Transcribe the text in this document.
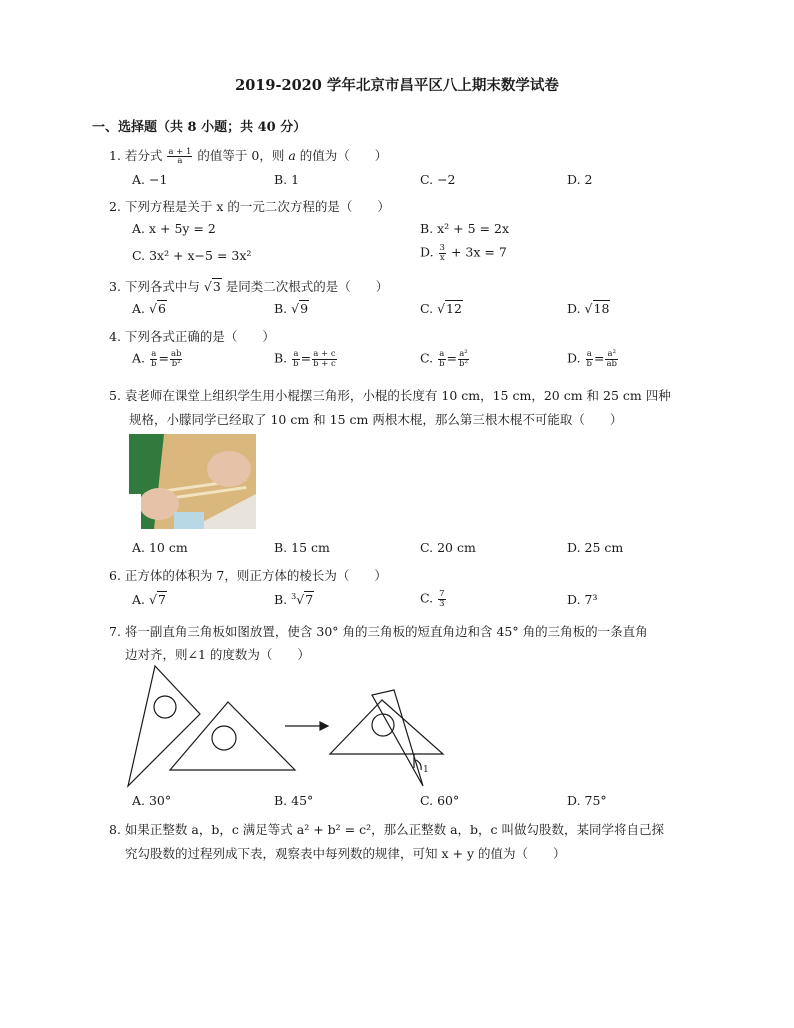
2019-2020 学年北京市昌平区八上期末数学试卷
一、选择题（共 8 小题；共 40 分）
1. 若分式 $\frac{a + 1}{a}$ 的值等于 0，则 a 的值为（　　）
A. −1	B. 1	C. −2	D. 2
2. 下列方程是关于 x 的一元二次方程的是（　　）
A. x + 5y = 2	B. x² + 5 = 2x
C. 3x² + x−5 = 3x²	D. $\frac{3}{x} + 3x = 7$
3. 下列各式中与 √3 是同类二次根式的是（　　）
A. √6	B. √9	C. √12	D. √18
4. 下列各式正确的是（　　）
A. $\frac{a}{b} = \frac{ab}{\text{b²}}$	B. $\frac{a}{b} = \frac{a + c}{b + c}$	C. $\frac{a}{b} = \frac{\text{a²}}{\text{b²}}$	D. $\frac{a}{b} = \frac{\text{a²}}{ab}$
5. 袁老师在课堂上组织学生用小棍摆三角形，小棍的长度有 10 cm，15 cm，20 cm 和 25 cm 四种
规格，小朦同学已经取了 10 cm 和 15 cm 两根木棍，那么第三根木棍不可能取（　　）
A. 10 cm	B. 15 cm	C. 20 cm	D. 25 cm
6. 正方体的体积为 7，则正方体的棱长为（　　）
A. √7	B. $^3$√7	C. $\frac{7}{3}$	D. 7³
7. 将一副直角三角板如图放置，使含 30° 角的三角板的短直角边和含 45° 角的三角板的一条直角
边对齐，则∠1 的度数为（　　）
1
A. 30°	B. 45°	C. 60°	D. 75°
8. 如果正整数 a，b，c 满足等式 a² + b² = c²，那么正整数 a，b，c 叫做勾股数，某同学将自己探
究勾股数的过程列成下表，观察表中每列数的规律，可知 x + y 的值为（　　）
